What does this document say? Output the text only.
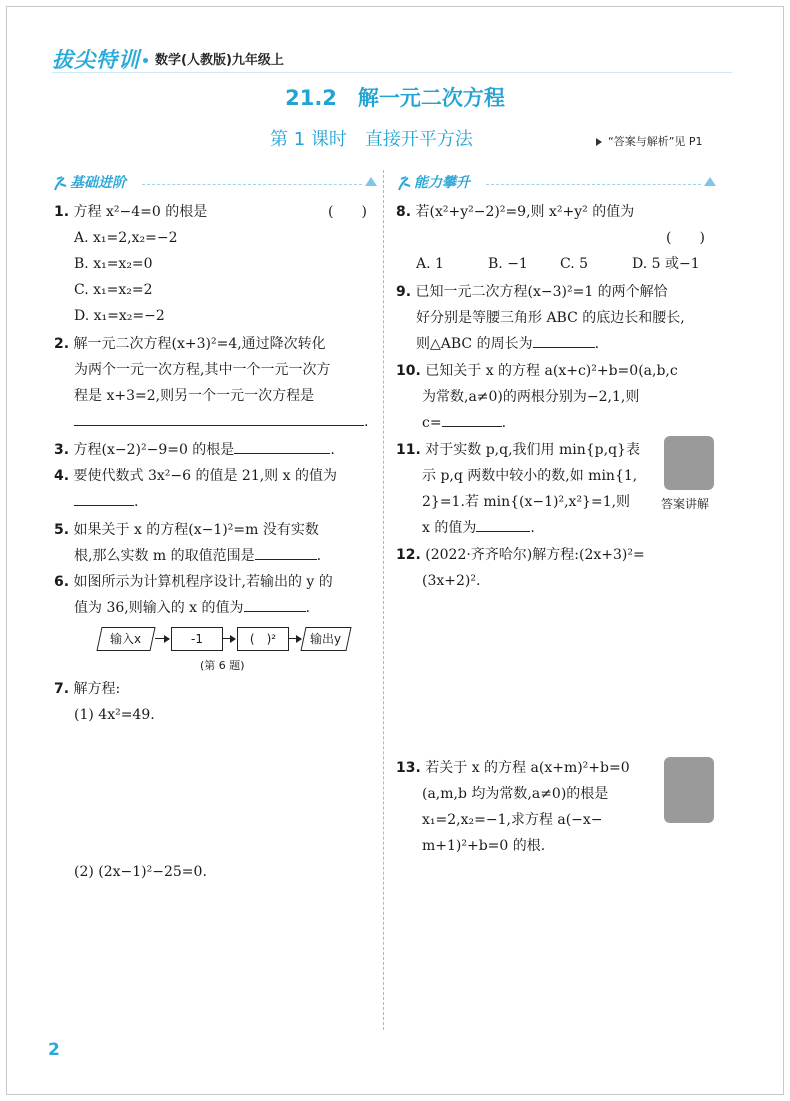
拔尖特训 数学(人教版)九年级上
21.2　解一元二次方程
第 1 课时　直接开平方法	“答案与解析”见 P1
基础进阶	能力攀升
1. 方程 x²−4=0 的根是	(　　)
A. x₁=2,x₂=−2
B. x₁=x₂=0
C. x₁=x₂=2
D. x₁=x₂=−2
2. 解一元二次方程(x+3)²=4,通过降次转化
为两个一元一次方程,其中一个一元一次方
程是 x+3=2,则另一个一元一次方程是
.
3. 方程(x−2)²−9=0 的根是	.
4. 要使代数式 3x²−6 的值是 21,则 x 的值为
.
5. 如果关于 x 的方程(x−1)²=m 没有实数
根,那么实数 m 的取值范围是	.
6. 如图所示为计算机程序设计,若输出的 y 的
值为 36,则输入的 x 的值为	.
输入x	-1	(　)²	输出y
(第 6 题)
7. 解方程:
(1) 4x²=49.
(2) (2x−1)²−25=0.
8. 若(x²+y²−2)²=9,则 x²+y² 的值为
(　　)
A. 1	B. −1 C. 5	D. 5 或−1
9. 已知一元二次方程(x−3)²=1 的两个解恰
好分别是等腰三角形 ABC 的底边长和腰长,
则△ABC 的周长为	.
10. 已知关于 x 的方程 a(x+c)²+b=0(a,b,c
为常数,a≠0)的两根分别为−2,1,则
c=	.
11. 对于实数 p,q,我们用 min{p,q}表
示 p,q 两数中较小的数,如 min{1,
2}=1.若 min{(x−1)²,x²}=1,则
x 的值为	.
答案讲解
12. (2022·齐齐哈尔)解方程:(2x+3)²=
(3x+2)².
13. 若关于 x 的方程 a(x+m)²+b=0
(a,m,b 均为常数,a≠0)的根是
x₁=2,x₂=−1,求方程 a(−x−
m+1)²+b=0 的根.
2
